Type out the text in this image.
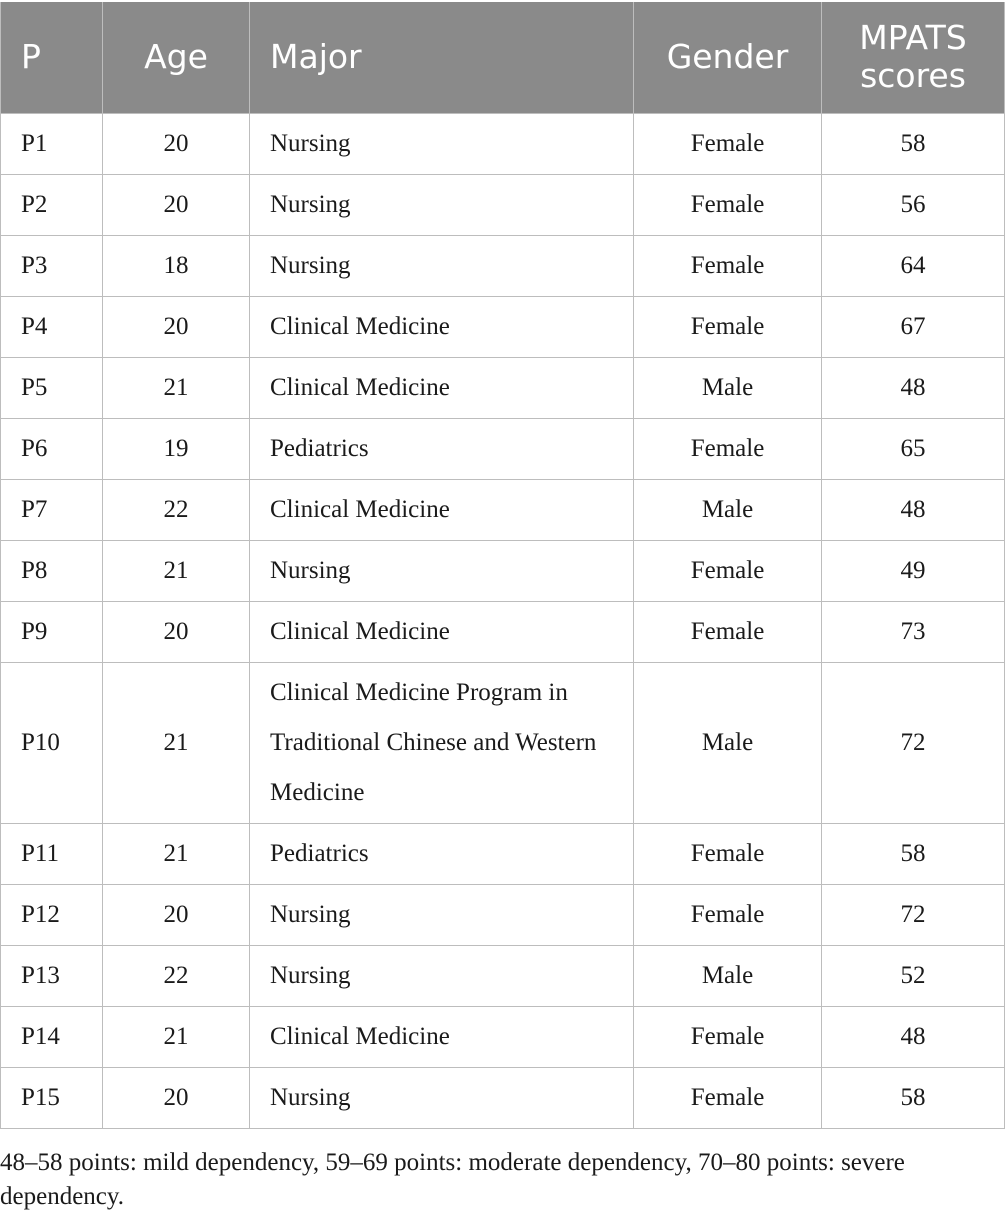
P	Age	Major	Gender	MPATS scores
P1	20	Nursing	Female	58
P2	20	Nursing	Female	56
P3	18	Nursing	Female	64
P4	20	Clinical Medicine	Female	67
P5	21	Clinical Medicine	Male	48
P6	19	Pediatrics	Female	65
P7	22	Clinical Medicine	Male	48
P8	21	Nursing	Female	49
P9	20	Clinical Medicine	Female	73
P10	21	Clinical Medicine Program in Traditional Chinese and Western Medicine	Male	72
P11	21	Pediatrics	Female	58
P12	20	Nursing	Female	72
P13	22	Nursing	Male	52
P14	21	Clinical Medicine	Female	48
P15	20	Nursing	Female	58

48–58 points: mild dependency, 59–69 points: moderate dependency, 70–80 points: severe dependency.
